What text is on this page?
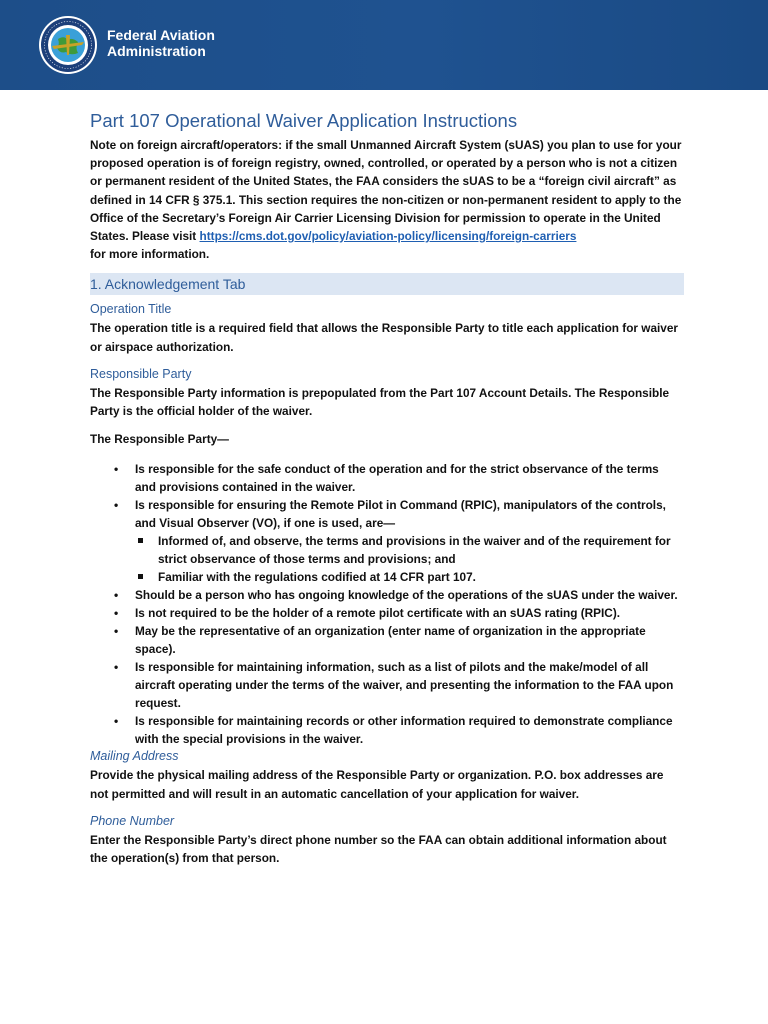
Federal Aviation
Administration
Part 107 Operational Waiver Application Instructions

Note on foreign aircraft/operators: if the small Unmanned Aircraft System (sUAS) you plan to use for your proposed operation is of foreign registry, owned, controlled, or operated by a person who is not a citizen or permanent resident of the United States, the FAA considers the sUAS to be a “foreign civil aircraft” as defined in 14 CFR § 375.1. This section requires the non-citizen or non-permanent resident to apply to the Office of the Secretary’s Foreign Air Carrier Licensing Division for permission to operate in the United States. Please visit https://cms.dot.gov/policy/aviation-policy/licensing/foreign-carriers
for more information.

1. Acknowledgement Tab
Operation Title

The operation title is a required field that allows the Responsible Party to title each application for waiver or airspace authorization.

Responsible Party

The Responsible Party information is prepopulated from the Part 107 Account Details. The Responsible Party is the official holder of the waiver.

The Responsible Party—

• Is responsible for the safe conduct of the operation and for the strict observance of the terms and provisions contained in the waiver.
• Is responsible for ensuring the Remote Pilot in Command (RPIC), manipulators of the controls, and Visual Observer (VO), if one is used, are—
Informed of, and observe, the terms and provisions in the waiver and of the requirement for strict observance of those terms and provisions; and
Familiar with the regulations codified at 14 CFR part 107.
• Should be a person who has ongoing knowledge of the operations of the sUAS under the waiver.
• Is not required to be the holder of a remote pilot certificate with an sUAS rating (RPIC).
• May be the representative of an organization (enter name of organization in the appropriate space).
• Is responsible for maintaining information, such as a list of pilots and the make/model of all aircraft operating under the terms of the waiver, and presenting the information to the FAA upon request.
• Is responsible for maintaining records or other information required to demonstrate compliance with the special provisions in the waiver.
Mailing Address

Provide the physical mailing address of the Responsible Party or organization. P.O. box addresses are not permitted and will result in an automatic cancellation of your application for waiver.

Phone Number

Enter the Responsible Party’s direct phone number so the FAA can obtain additional information about the operation(s) from that person.
